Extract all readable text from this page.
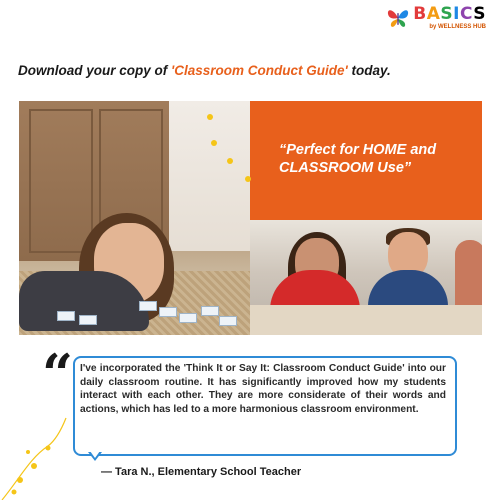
BASICS
by WELLNESS HUB
Download your copy of 'Classroom Conduct Guide' today.
“Perfect for HOME and CLASSROOM Use”
“ I've incorporated the 'Think It or Say It: Classroom Conduct Guide' into our daily classroom routine. It has significantly improved how my students interact with each other. They are more considerate of their words and actions, which has led to a more harmonious classroom environment.
— Tara N., Elementary School Teacher
